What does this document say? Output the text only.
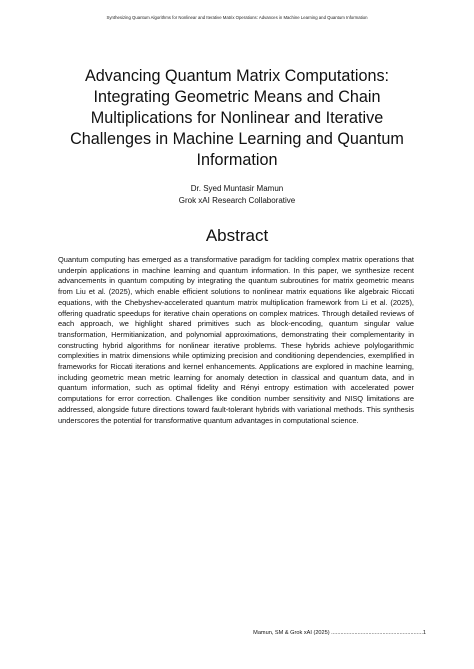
Synthesizing Quantum Algorithms for Nonlinear and Iterative Matrix Operations: Advances in Machine Learning and Quantum Information
Advancing Quantum Matrix Computations: Integrating Geometric Means and Chain Multiplications for Nonlinear and Iterative Challenges in Machine Learning and Quantum Information
Dr. Syed Muntasir Mamun
Grok xAI Research Collaborative
Abstract

Quantum computing has emerged as a transformative paradigm for tackling complex matrix operations that underpin applications in machine learning and quantum information. In this paper, we synthesize recent advancements in quantum computing by integrating the quantum subroutines for matrix geometric means from Liu et al. (2025), which enable efficient solutions to nonlinear matrix equations like algebraic Riccati equations, with the Chebyshev-accelerated quantum matrix multiplication framework from Li et al. (2025), offering quadratic speedups for iterative chain operations on complex matrices. Through detailed reviews of each approach, we highlight shared primitives such as block-encoding, quantum singular value transformation, Hermitianization, and polynomial approximations, demonstrating their complementarity in constructing hybrid algorithms for nonlinear iterative problems. These hybrids achieve polylogarithmic complexities in matrix dimensions while optimizing precision and conditioning dependencies, exemplified in frameworks for Riccati iterations and kernel enhancements. Applications are explored in machine learning, including geometric mean metric learning for anomaly detection in classical and quantum data, and in quantum information, such as optimal fidelity and Rényi entropy estimation with accelerated power computations for error correction. Challenges like condition number sensitivity and NISQ limitations are addressed, alongside future directions toward fault-tolerant hybrids with variational methods. This synthesis underscores the potential for transformative quantum advantages in computational science.

Mamun, SM & Grok xAI (2025) ...........................................................1
